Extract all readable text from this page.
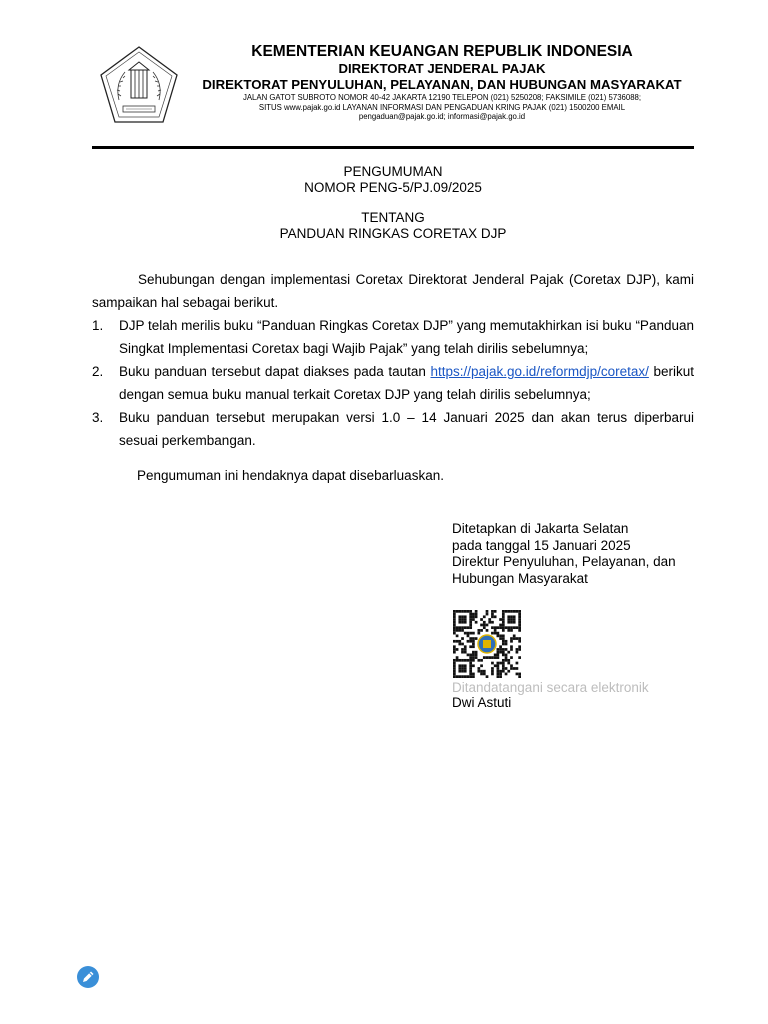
KEMENTERIAN KEUANGAN REPUBLIK INDONESIA
DIREKTORAT JENDERAL PAJAK
DIREKTORAT PENYULUHAN, PELAYANAN, DAN HUBUNGAN MASYARAKAT
JALAN GATOT SUBROTO NOMOR 40-42 JAKARTA 12190 TELEPON (021) 5250208; FAKSIMILE (021) 5736088;
SITUS www.pajak.go.id LAYANAN INFORMASI DAN PENGADUAN KRING PAJAK (021) 1500200 EMAIL
pengaduan@pajak.go.id; informasi@pajak.go.id
PENGUMUMAN
NOMOR PENG-5/PJ.09/2025
TENTANG
PANDUAN RINGKAS CORETAX DJP

Sehubungan dengan implementasi Coretax Direktorat Jenderal Pajak (Coretax DJP), kami sampaikan hal sebagai berikut.

1. DJP telah merilis buku “Panduan Ringkas Coretax DJP” yang memutakhirkan isi buku “Panduan Singkat Implementasi Coretax bagi Wajib Pajak” yang telah dirilis sebelumnya;
2. Buku panduan tersebut dapat diakses pada tautan https://pajak.go.id/reformdjp/coretax/ berikut dengan semua buku manual terkait Coretax DJP yang telah dirilis sebelumnya;
3. Buku panduan tersebut merupakan versi 1.0 – 14 Januari 2025 dan akan terus diperbarui sesuai perkembangan.
Pengumuman ini hendaknya dapat disebarluaskan.
Ditetapkan di Jakarta Selatan
pada tanggal 15 Januari 2025
Direktur Penyuluhan, Pelayanan, dan
Hubungan Masyarakat
Ditandatangani secara elektronik
Dwi Astuti
